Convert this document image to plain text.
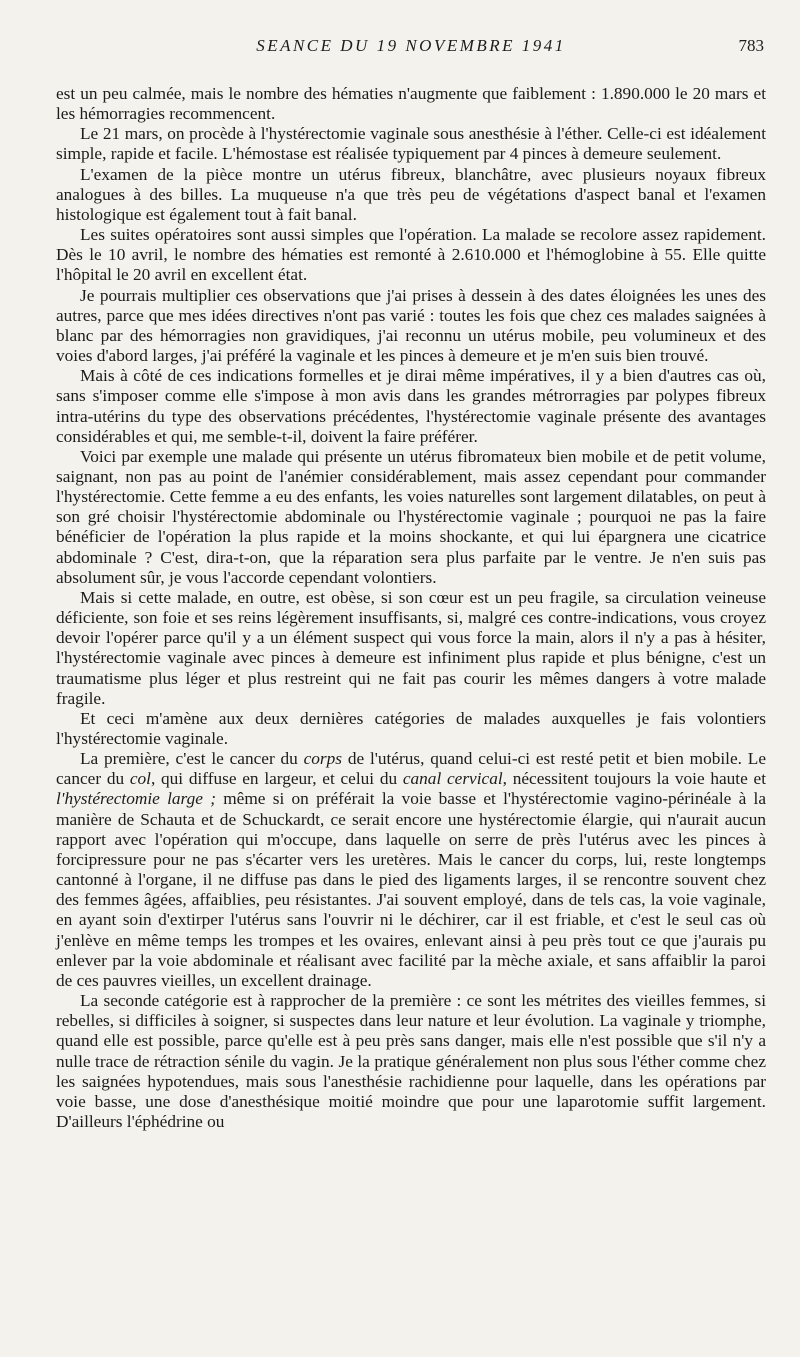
SEANCE DU 19 NOVEMBRE 1941	783

est un peu calmée, mais le nombre des hématies n'augmente que faiblement : 1.890.000 le 20 mars et les hémorragies recommencent.

Le 21 mars, on procède à l'hystérectomie vaginale sous anesthésie à l'éther. Celle-ci est idéalement simple, rapide et facile. L'hémostase est réalisée typiquement par 4 pinces à demeure seulement.

L'examen de la pièce montre un utérus fibreux, blanchâtre, avec plusieurs noyaux fibreux analogues à des billes. La muqueuse n'a que très peu de végétations d'aspect banal et l'examen histologique est également tout à fait banal.

Les suites opératoires sont aussi simples que l'opération. La malade se recolore assez rapidement. Dès le 10 avril, le nombre des hématies est remonté à 2.610.000 et l'hémoglobine à 55. Elle quitte l'hôpital le 20 avril en excellent état.

Je pourrais multiplier ces observations que j'ai prises à dessein à des dates éloignées les unes des autres, parce que mes idées directives n'ont pas varié : toutes les fois que chez ces malades saignées à blanc par des hémorragies non gravidiques, j'ai reconnu un utérus mobile, peu volumineux et des voies d'abord larges, j'ai préféré la vaginale et les pinces à demeure et je m'en suis bien trouvé.

Mais à côté de ces indications formelles et je dirai même impératives, il y a bien d'autres cas où, sans s'imposer comme elle s'impose à mon avis dans les grandes métrorragies par polypes fibreux intra-utérins du type des observations précédentes, l'hystérectomie vaginale présente des avantages considérables et qui, me semble-t-il, doivent la faire préférer.

Voici par exemple une malade qui présente un utérus fibromateux bien mobile et de petit volume, saignant, non pas au point de l'anémier considérablement, mais assez cependant pour commander l'hystérectomie. Cette femme a eu des enfants, les voies naturelles sont largement dilatables, on peut à son gré choisir l'hystérectomie abdominale ou l'hystérectomie vaginale ; pourquoi ne pas la faire bénéficier de l'opération la plus rapide et la moins shockante, et qui lui épargnera une cicatrice abdominale ? C'est, dira-t-on, que la réparation sera plus parfaite par le ventre. Je n'en suis pas absolument sûr, je vous l'accorde cependant volontiers.

Mais si cette malade, en outre, est obèse, si son cœur est un peu fragile, sa circulation veineuse déficiente, son foie et ses reins légèrement insuffisants, si, malgré ces contre-indications, vous croyez devoir l'opérer parce qu'il y a un élément suspect qui vous force la main, alors il n'y a pas à hésiter, l'hystérectomie vaginale avec pinces à demeure est infiniment plus rapide et plus bénigne, c'est un traumatisme plus léger et plus restreint qui ne fait pas courir les mêmes dangers à votre malade fragile.

Et ceci m'amène aux deux dernières catégories de malades auxquelles je fais volontiers l'hystérectomie vaginale.

La première, c'est le cancer du corps de l'utérus, quand celui-ci est resté petit et bien mobile. Le cancer du col, qui diffuse en largeur, et celui du canal cervical, nécessitent toujours la voie haute et l'hystérectomie large ; même si on préférait la voie basse et l'hystérectomie vagino-périnéale à la manière de Schauta et de Schuckardt, ce serait encore une hystérectomie élargie, qui n'aurait aucun rapport avec l'opération qui m'occupe, dans laquelle on serre de près l'utérus avec les pinces à forcipressure pour ne pas s'écarter vers les uretères. Mais le cancer du corps, lui, reste longtemps cantonné à l'organe, il ne diffuse pas dans le pied des ligaments larges, il se rencontre souvent chez des femmes âgées, affaiblies, peu résistantes. J'ai souvent employé, dans de tels cas, la voie vaginale, en ayant soin d'extirper l'utérus sans l'ouvrir ni le déchirer, car il est friable, et c'est le seul cas où j'enlève en même temps les trompes et les ovaires, enlevant ainsi à peu près tout ce que j'aurais pu enlever par la voie abdominale et réalisant avec facilité par la mèche axiale, et sans affaiblir la paroi de ces pauvres vieilles, un excellent drainage.

La seconde catégorie est à rapprocher de la première : ce sont les métrites des vieilles femmes, si rebelles, si difficiles à soigner, si suspectes dans leur nature et leur évolution. La vaginale y triomphe, quand elle est possible, parce qu'elle est à peu près sans danger, mais elle n'est possible que s'il n'y a nulle trace de rétraction sénile du vagin. Je la pratique généralement non plus sous l'éther comme chez les saignées hypotendues, mais sous l'anesthésie rachidienne pour laquelle, dans les opérations par voie basse, une dose d'anesthésique moitié moindre que pour une laparotomie suffit largement. D'ailleurs l'éphédrine ou
